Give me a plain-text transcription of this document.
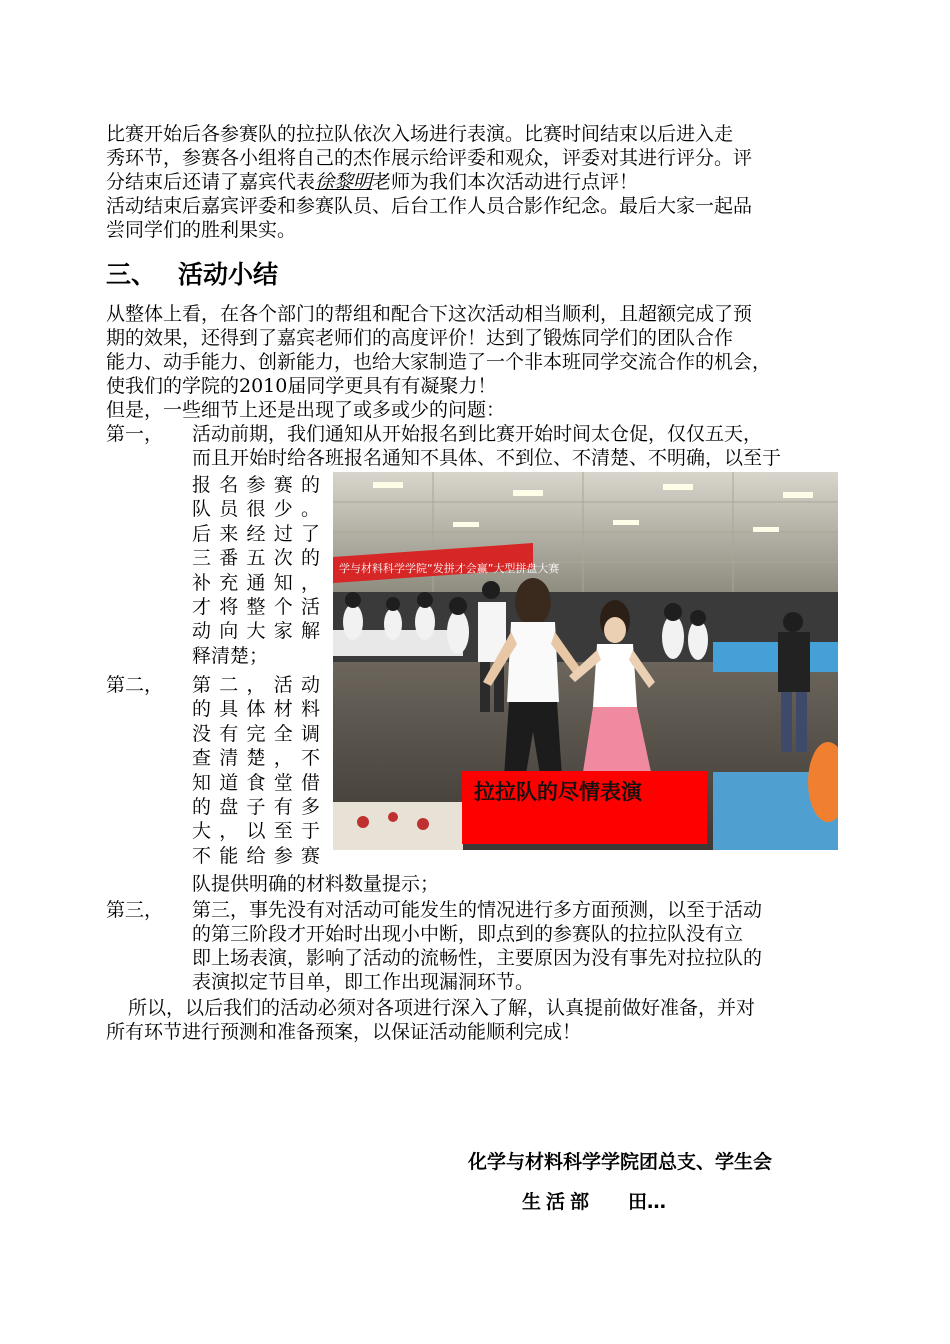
比赛开始后各参赛队的拉拉队依次入场进行表演。比赛时间结束以后进入走
秀环节，参赛各小组将自己的杰作展示给评委和观众，评委对其进行评分。评
分结束后还请了嘉宾代表徐黎明老师为我们本次活动进行点评！
活动结束后嘉宾评委和参赛队员、后台工作人员合影作纪念。最后大家一起品
尝同学们的胜利果实。
三、 活动小结
从整体上看，在各个部门的帮组和配合下这次活动相当顺利，且超额完成了预
期的效果，还得到了嘉宾老师们的高度评价！达到了锻炼同学们的团队合作
能力、动手能力、创新能力，也给大家制造了一个非本班同学交流合作的机会，
使我们的学院的2010届同学更具有有凝聚力！
但是，一些细节上还是出现了或多或少的问题：
第一， 活动前期，我们通知从开始报名到比赛开始时间太仓促，仅仅五天，
而且开始时给各班报名通知不具体、不到位、不清楚、不明确，以至于
报名参赛的
队员很少。
后来经过了
三番五次的
补充通知，
才将整个活
动向大家解
释清楚；
第二， 第二，活动
的具体材料
没有完全调
查清楚，不
知道食堂借
的盘子有多
大，以至于
不能给参赛
队提供明确的材料数量提示；
学与材料科学学院“发拼才会赢”大型拼盘大赛
拉拉队的尽情表演
第三， 第三，事先没有对活动可能发生的情况进行多方面预测，以至于活动
的第三阶段才开始时出现小中断，即点到的参赛队的拉拉队没有立
即上场表演，影响了活动的流畅性，主要原因为没有事先对拉拉队的
表演拟定节目单，即工作出现漏洞环节。
所以，以后我们的活动必须对各项进行深入了解，认真提前做好准备，并对
所有环节进行预测和准备预案，以保证活动能顺利完成！
化学与材料科学学院团总支、学生会
生活部 田…
